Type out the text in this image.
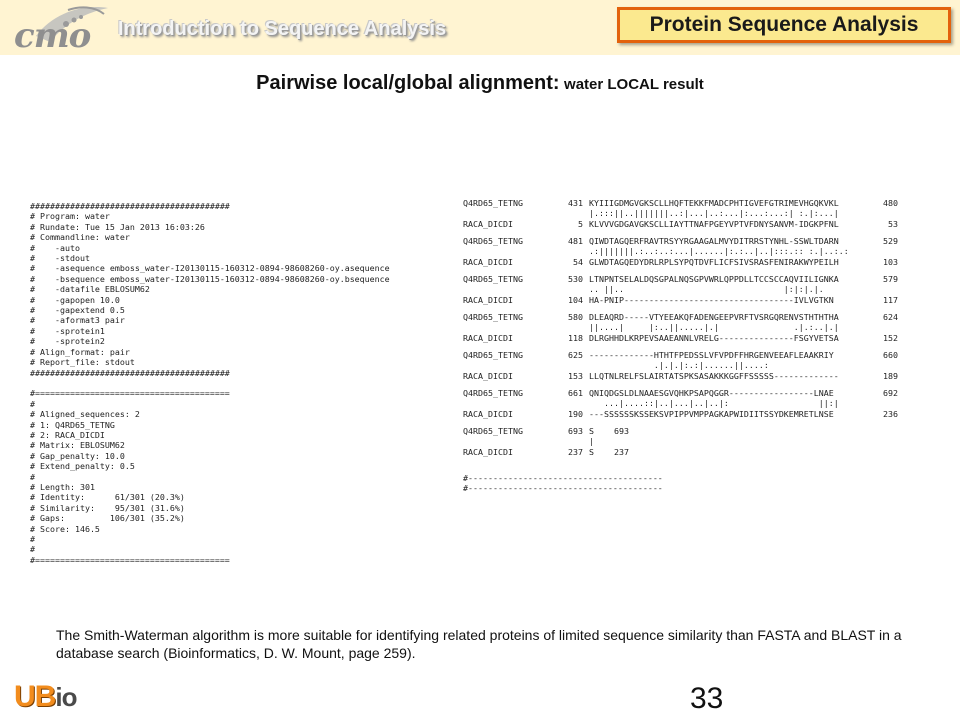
cmo Introduction to Sequence Analysis	Protein Sequence Analysis
Pairwise local/global alignment: water LOCAL result
########################################
# Program: water
# Rundate: Tue 15 Jan 2013 16:03:26
# Commandline: water
#    -auto
#    -stdout
#    -asequence emboss_water-I20130115-160312-0894-98608260-oy.asequence
#    -bsequence emboss_water-I20130115-160312-0894-98608260-oy.bsequence
#    -datafile EBLOSUM62
#    -gapopen 10.0
#    -gapextend 0.5
#    -aformat3 pair
#    -sprotein1
#    -sprotein2
# Align_format: pair
# Report_file: stdout
########################################

#=======================================
#
# Aligned_sequences: 2
# 1: Q4RD65_TETNG
# 2: RACA_DICDI
# Matrix: EBLOSUM62
# Gap_penalty: 10.0
# Extend_penalty: 0.5
#
# Length: 301
# Identity:      61/301 (20.3%)
# Similarity:    95/301 (31.6%)
# Gaps:         106/301 (35.2%)
# Score: 146.5
#
#
#=======================================
Q4RD65_TETNG	431 KYIIIGDMGVGKSCLLHQFTEKKFMADCPHTIGVEFGTRIMEVHGQKVKL	480
|.:::||..|||||||..:|...|..:...|:...:...:| :.|:...|
RACA_DICDI	5 KLVVVGDGAVGKSCLLIAYTTNAFPGEYVPTVFDNYSANVM-IDGKPFNL	53
Q4RD65_TETNG	481 QIWDTAGQERFRAVTRSYYRGAAGALMVYDITRRSTYNHL-SSWLTDARN	529
.:|||||||.:..:..:...|......|:.:..|..|:::.:: :.|..:.:
RACA_DICDI	54 GLWDTAGQEDYDRLRPLSYPQTDVFLICFSIVSRASFENIRAKWYPEILH	103
Q4RD65_TETNG	530 LTNPNTSELALDQSGPALNQSGPVWRLQPPDLLTCCSCCAQVIILIGNKA	579
.. ||..                                |:|:|.|.
RACA_DICDI	104 HA-PNIP----------------------------------IVLVGTKN	117
Q4RD65_TETNG	580 DLEAQRD-----VTYEEAKQFADENGEEPVRFTVSRGQRENVSTHTHTHA	624
||....|     |:..||.....|.|               .|.:..|.|
RACA_DICDI	118 DLRGHHDLKRPEVSAAEANNLVRELG---------------FSGYVETSA	152
Q4RD65_TETNG	625 -------------HTHTFPEDSSLVFVPDFFHRGENVEEAFLEAAKRIY	660
.|.|.|:.:|......||....:
RACA_DICDI	153 LLQTNLRELFSLAIRTATSPKSASAKKKGGFFSSSSS-------------	189
Q4RD65_TETNG	661 QNIQDGSLDLNAAESGVQHKPSAPQGGR-----------------LNAE	692
...|....::|..|...|..|..|:                  ||:|
RACA_DICDI	190 ---SSSSSSKSSEKSVPIPPVMPPAGKAPWIDIITSSYDKEMRETLNSE	236
Q4RD65_TETNG	693 S    693
|
RACA_DICDI	237 S    237
#---------------------------------------
#---------------------------------------
The Smith-Waterman algorithm is more suitable for identifying related proteins of limited sequence similarity than FASTA and BLAST in a database search (Bioinformatics, D. W. Mount, page 259).
UBio	33
